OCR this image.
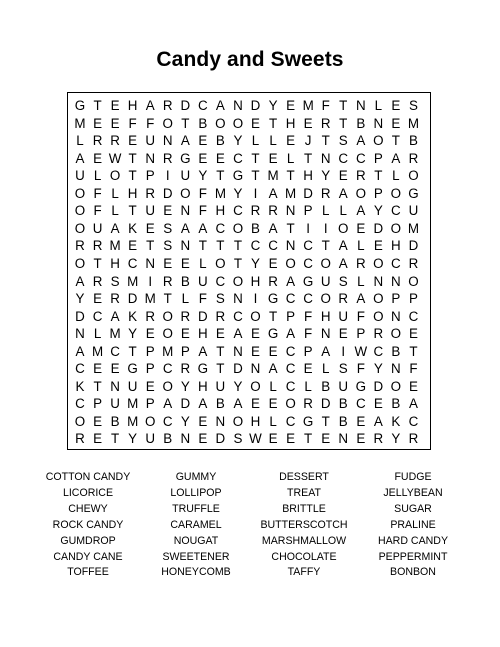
Candy and Sweets
G T E H A R D C A N D Y E M F T N L E S
M E E F F O T B O O E T H E R T B N E M
L R R E U N A E B Y L L E J T S A O T B
A E W T N R G E E C T E L T N C C P A R
U L O T P I U Y T G T M T H Y E R T L O
O F L H R D O F M Y I A M D R A O P O G
O F L T U E N F H C R R N P L L A Y C U
O U A K E S A A C O B A T I	I O E D O M
R R M E T S N T T T C C N C T A L E H D
O T H C N E E L O T Y E O C O A R O C R
A R S M I R B U C O H R A G U S L N N O
Y E R D M T L F S N I G C C O R A O P P
D C A K R O R D R C O T P F H U F O N C
N L M Y E O E H E A E G A F N E P R O E
A M C T P M P A T N E E C P A I W C B T
C E E G P C R G T D N A C E L S F Y N F
K T N U E O Y H U Y O L C L B U G D O E
C P U M P A D A B A E E O R D B C E B A
O E B M O C Y E N O H L C G T B E A K C
R E T Y U B N E D S W E E T E N E R Y R
COTTON CANDY
LICORICE
CHEWY
ROCK CANDY
GUMDROP
CANDY CANE
TOFFEE
GUMMY
LOLLIPOP
TRUFFLE
CARAMEL
NOUGAT
SWEETENER
HONEYCOMB
DESSERT
TREAT
BRITTLE
BUTTERSCOTCH
MARSHMALLOW
CHOCOLATE
TAFFY
FUDGE
JELLYBEAN
SUGAR
PRALINE
HARD CANDY
PEPPERMINT
BONBON
